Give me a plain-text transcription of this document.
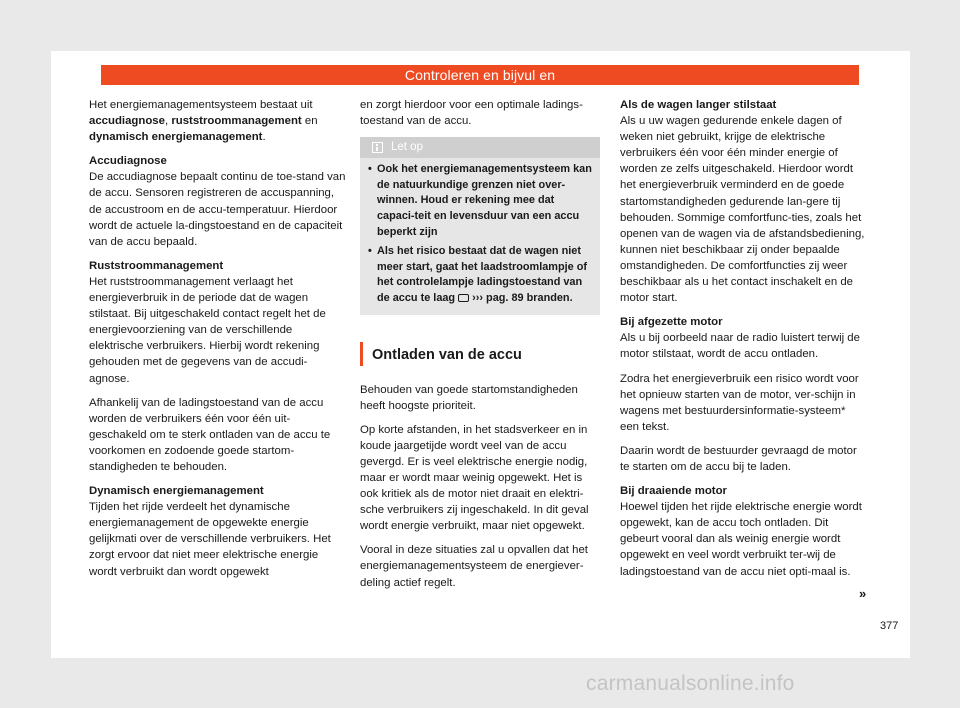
Controleren en bijvul en

Het energiemanagementsysteem bestaat uit accudiagnose, ruststroommanagement en dynamisch energiemanagement.

Accudiagnose

De accudiagnose bepaalt continu de toe-stand van de accu. Sensoren registreren de accuspanning, de accustroom en de accu-temperatuur. Hierdoor wordt de actuele la-dingstoestand en de capaciteit van de accu bepaald.

Ruststroommanagement

Het ruststroommanagement verlaagt het energieverbruik in de periode dat de wagen stilstaat. Bij uitgeschakeld contact regelt het de energievoorziening van de verschillende elektrische verbruikers. Hierbij wordt rekening gehouden met de gegevens van de accudi-agnose.

Afhankelij van de ladingstoestand van de accu worden de verbruikers één voor één uit-geschakeld om te sterk ontladen van de accu te voorkomen en zodoende goede startom-standigheden te behouden.

Dynamisch energiemanagement

Tijden het rijde verdeelt het dynamische energiemanagement de opgewekte energie gelijkmati over de verschillende verbruikers. Het zorgt ervoor dat niet meer elektrische energie wordt verbruikt dan wordt opgewekt

en zorgt hierdoor voor een optimale ladings-toestand van de accu.

Let op
• Ook het energiemanagementsysteem kan de natuurkundige grenzen niet over-winnen. Houd er rekening mee dat capaci-teit en levensduur van een accu beperkt zijn
• Als het risico bestaat dat de wagen niet meer start, gaat het laadstroomlampje of het controlelampje ladingstoestand van de accu te laag  ››› pag. 89 branden.
Ontladen van de accu

Behouden van goede startomstandigheden heeft hoogste prioriteit.

Op korte afstanden, in het stadsverkeer en in koude jaargetijde wordt veel van de accu gevergd. Er is veel elektrische energie nodig, maar er wordt maar weinig opgewekt. Het is ook kritiek als de motor niet draait en elektri-sche verbruikers zij ingeschakeld. In dit geval wordt energie verbruikt, maar niet opgewekt.

Vooral in deze situaties zal u opvallen dat het energiemanagementsysteem de energiever-deling actief regelt.

Als de wagen langer stilstaat

Als u uw wagen gedurende enkele dagen of weken niet gebruikt, krijge de elektrische verbruikers één voor één minder energie of worden ze zelfs uitgeschakeld. Hierdoor wordt het energieverbruik verminderd en de goede startomstandigheden gedurende lan-gere tij behouden. Sommige comfortfunc-ties, zoals het openen van de wagen via de afstandsbediening, kunnen niet beschikbaar zij onder bepaalde omstandigheden. De comfortfuncties zij weer beschikbaar als u het contact inschakelt en de motor start.

Bij afgezette motor

Als u bij oorbeeld naar de radio luistert terwij de motor stilstaat, wordt de accu ontladen.

Zodra het energieverbruik een risico wordt voor het opnieuw starten van de motor, ver-schijn in wagens met bestuurdersinformatie-systeem* een tekst.

Daarin wordt de bestuurder gevraagd de motor te starten om de accu bij te laden.

Bij draaiende motor

Hoewel tijden het rijde elektrische energie wordt opgewekt, kan de accu toch ontladen. Dit gebeurt vooral dan als weinig energie wordt opgewekt en veel wordt verbruikt ter-wij de ladingstoestand van de accu niet opti-maal is.

»
377
carmanualsonline.info
